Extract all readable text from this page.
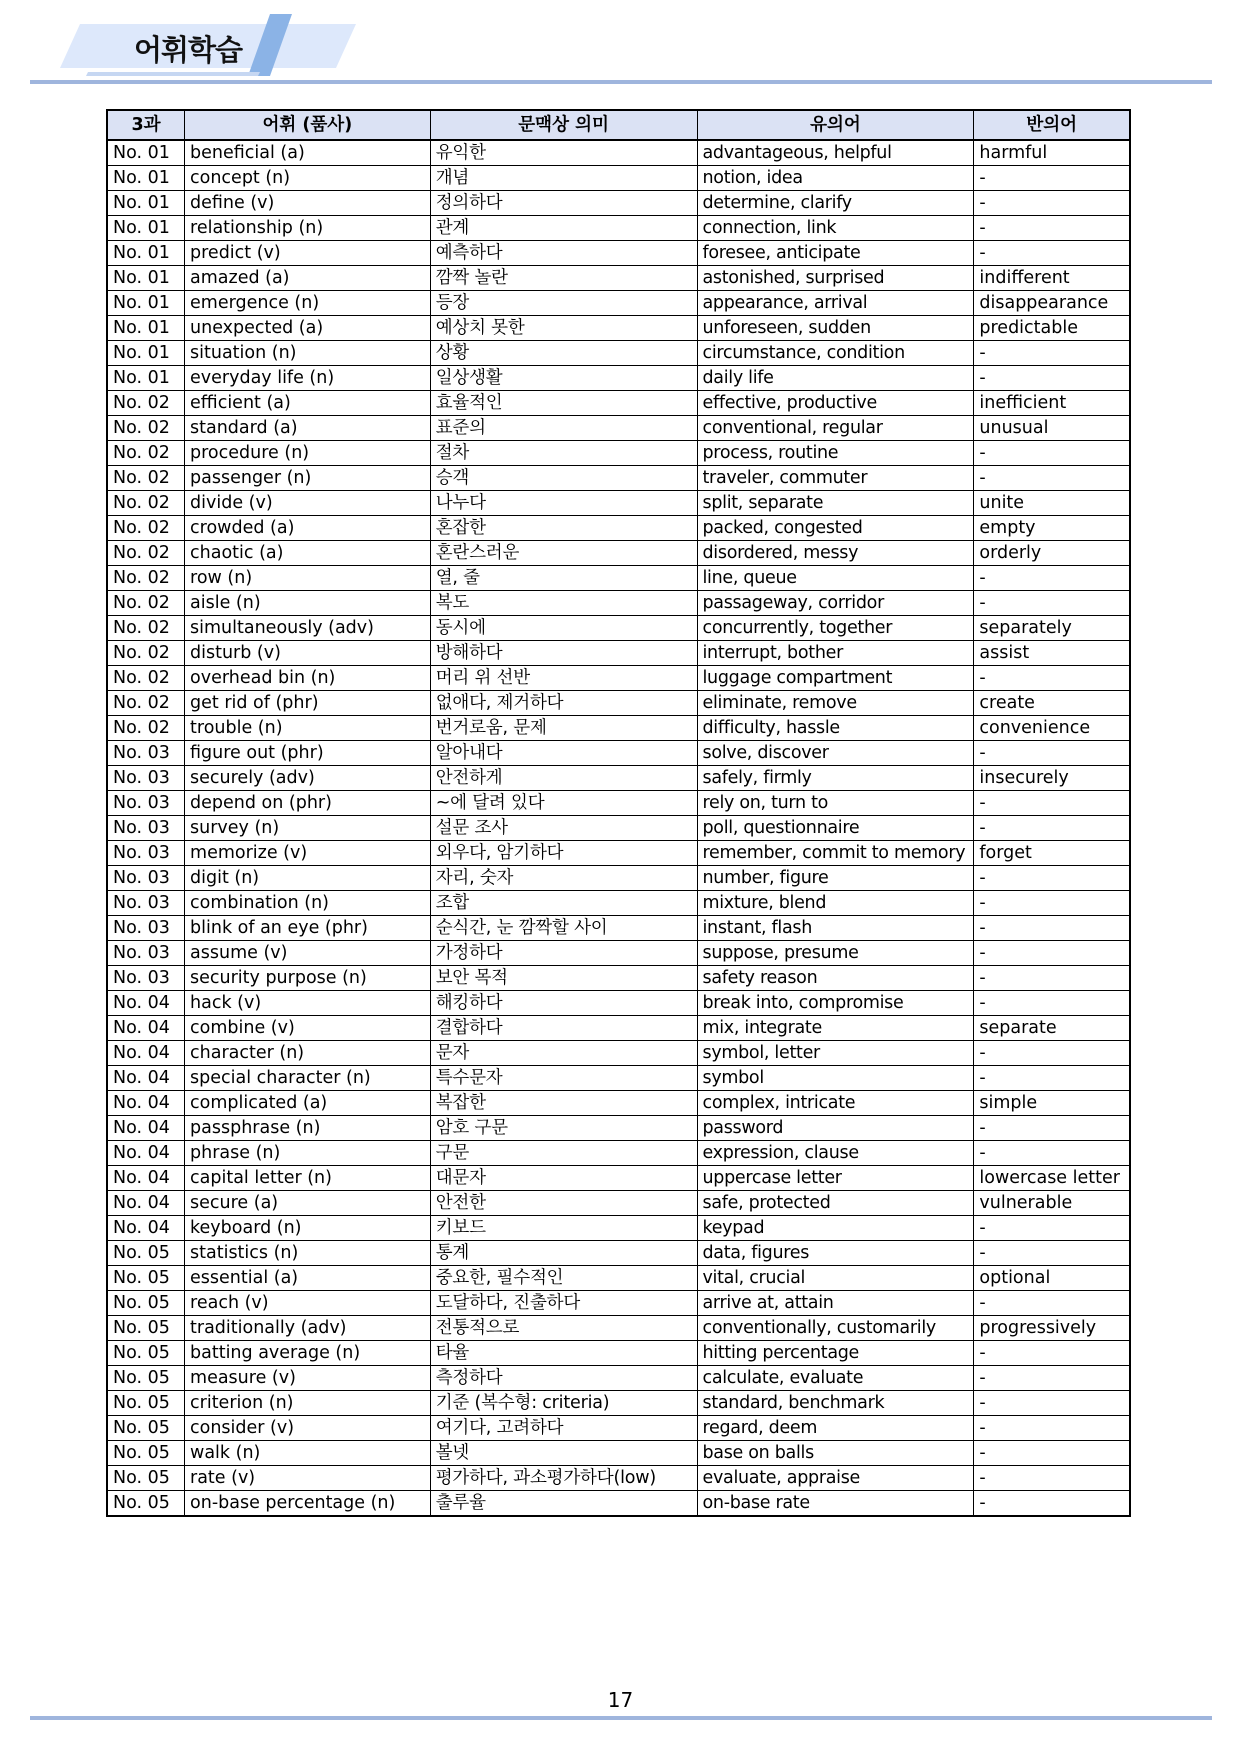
어휘학습
3과	어휘 (품사)	문맥상 의미	유의어	반의어
No. 01	beneficial (a)	유익한	advantageous, helpful	harmful
No. 01	concept (n)	개념	notion, idea	-
No. 01	define (v)	정의하다	determine, clarify	-
No. 01	relationship (n)	관계	connection, link	-
No. 01	predict (v)	예측하다	foresee, anticipate	-
No. 01	amazed (a)	깜짝 놀란	astonished, surprised	indifferent
No. 01	emergence (n)	등장	appearance, arrival	disappearance
No. 01	unexpected (a)	예상치 못한	unforeseen, sudden	predictable
No. 01	situation (n)	상황	circumstance, condition	-
No. 01	everyday life (n)	일상생활	daily life	-
No. 02	efficient (a)	효율적인	effective, productive	inefficient
No. 02	standard (a)	표준의	conventional, regular	unusual
No. 02	procedure (n)	절차	process, routine	-
No. 02	passenger (n)	승객	traveler, commuter	-
No. 02	divide (v)	나누다	split, separate	unite
No. 02	crowded (a)	혼잡한	packed, congested	empty
No. 02	chaotic (a)	혼란스러운	disordered, messy	orderly
No. 02	row (n)	열, 줄	line, queue	-
No. 02	aisle (n)	복도	passageway, corridor	-
No. 02	simultaneously (adv)	동시에	concurrently, together	separately
No. 02	disturb (v)	방해하다	interrupt, bother	assist
No. 02	overhead bin (n)	머리 위 선반	luggage compartment	-
No. 02	get rid of (phr)	없애다, 제거하다	eliminate, remove	create
No. 02	trouble (n)	번거로움, 문제	difficulty, hassle	convenience
No. 03	figure out (phr)	알아내다	solve, discover	-
No. 03	securely (adv)	안전하게	safely, firmly	insecurely
No. 03	depend on (phr)	~에 달려 있다	rely on, turn to	-
No. 03	survey (n)	설문 조사	poll, questionnaire	-
No. 03	memorize (v)	외우다, 암기하다	remember, commit to memory	forget
No. 03	digit (n)	자리, 숫자	number, figure	-
No. 03	combination (n)	조합	mixture, blend	-
No. 03	blink of an eye (phr)	순식간, 눈 깜짝할 사이	instant, flash	-
No. 03	assume (v)	가정하다	suppose, presume	-
No. 03	security purpose (n)	보안 목적	safety reason	-
No. 04	hack (v)	해킹하다	break into, compromise	-
No. 04	combine (v)	결합하다	mix, integrate	separate
No. 04	character (n)	문자	symbol, letter	-
No. 04	special character (n)	특수문자	symbol	-
No. 04	complicated (a)	복잡한	complex, intricate	simple
No. 04	passphrase (n)	암호 구문	password	-
No. 04	phrase (n)	구문	expression, clause	-
No. 04	capital letter (n)	대문자	uppercase letter	lowercase letter
No. 04	secure (a)	안전한	safe, protected	vulnerable
No. 04	keyboard (n)	키보드	keypad	-
No. 05	statistics (n)	통계	data, figures	-
No. 05	essential (a)	중요한, 필수적인	vital, crucial	optional
No. 05	reach (v)	도달하다, 진출하다	arrive at, attain	-
No. 05	traditionally (adv)	전통적으로	conventionally, customarily	progressively
No. 05	batting average (n)	타율	hitting percentage	-
No. 05	measure (v)	측정하다	calculate, evaluate	-
No. 05	criterion (n)	기준 (복수형: criteria)	standard, benchmark	-
No. 05	consider (v)	여기다, 고려하다	regard, deem	-
No. 05	walk (n)	볼넷	base on balls	-
No. 05	rate (v)	평가하다, 과소평가하다(low)	evaluate, appraise	-
No. 05	on-base percentage (n)	출루율	on-base rate	-
17
